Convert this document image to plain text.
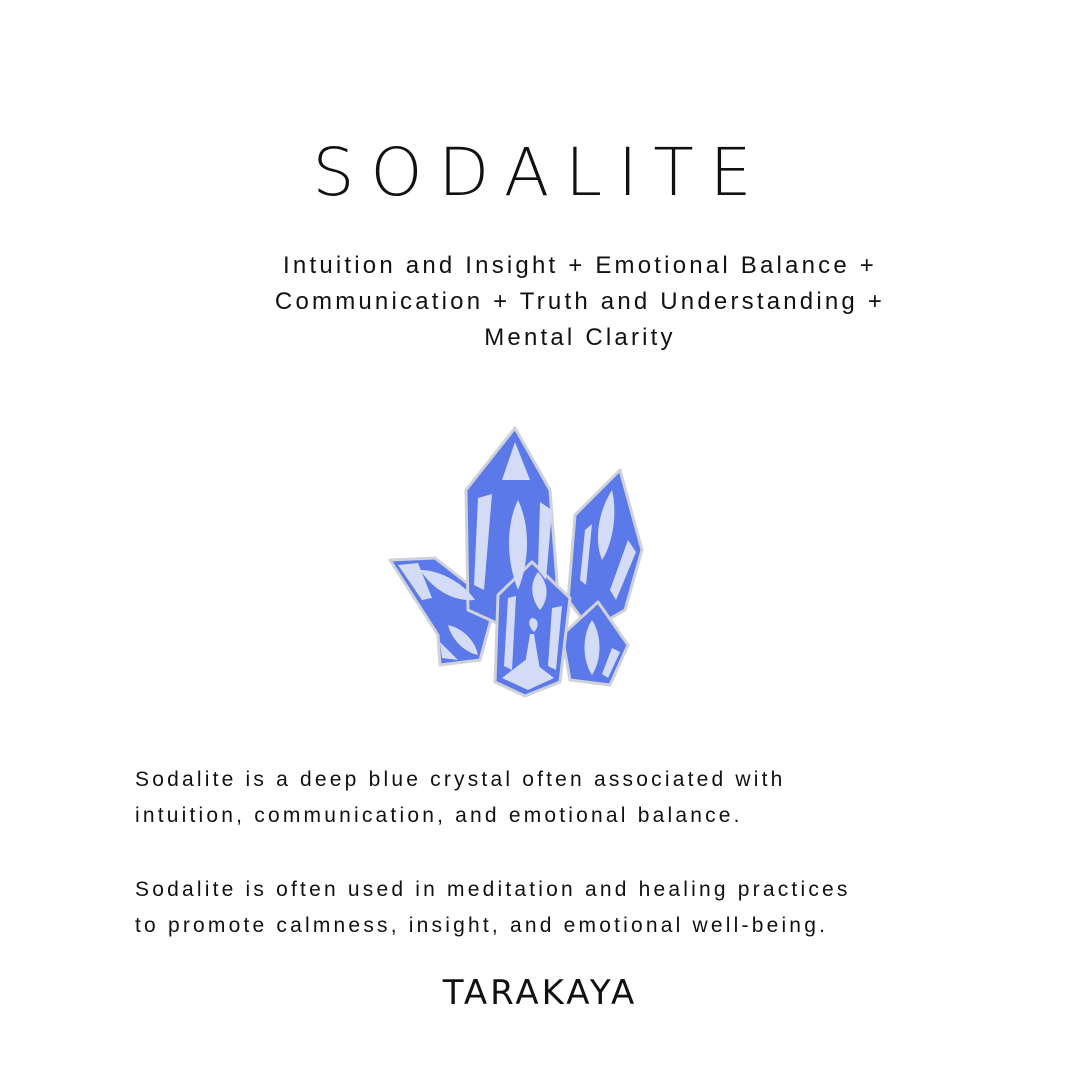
SODALITE
Intuition and Insight + Emotional Balance +
Communication + Truth and Understanding +
Mental Clarity
Sodalite is a deep blue crystal often associated with
intuition, communication, and emotional balance.
Sodalite is often used in meditation and healing practices
to promote calmness, insight, and emotional well-being.
TARAKAYA
